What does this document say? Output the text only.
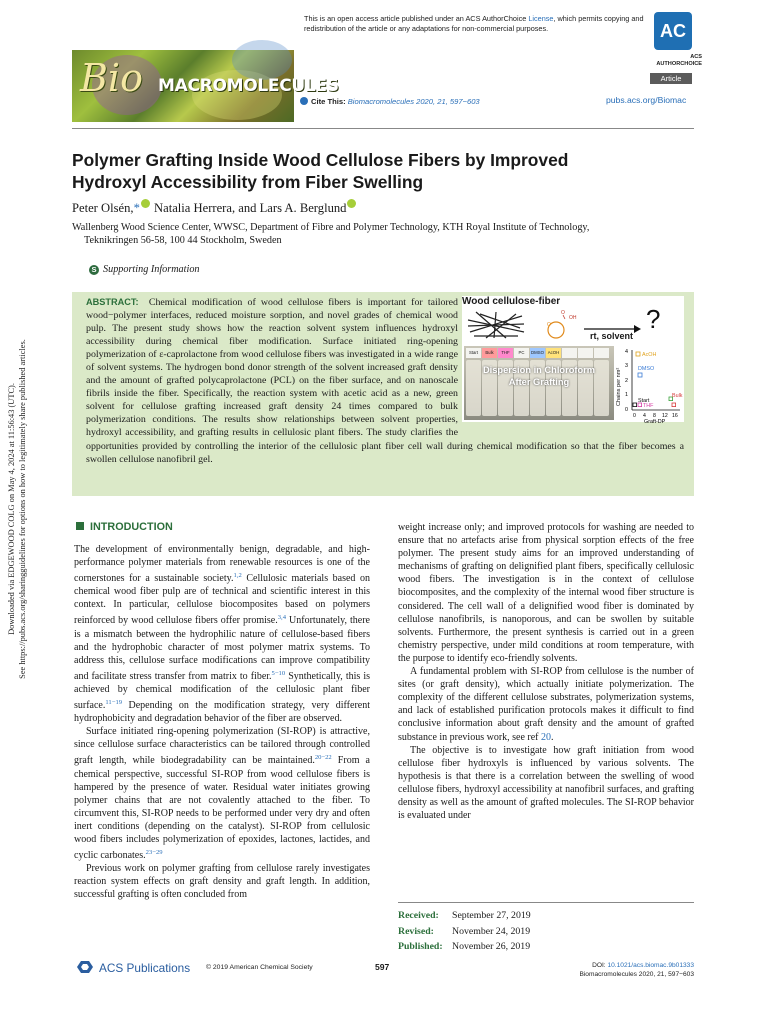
Downloaded via EDGEWOOD COLG on May 4, 2024 at 11:56:43 (UTC). See https://pubs.acs.org/sharingguidelines for options on how to legitimately share published articles.
This is an open access article published under an ACS AuthorChoice License, which permits copying and redistribution of the article or any adaptations for non-commercial purposes.	AC
ACS
AUTHORCHOICE
Article
Bio MACROMOLECULES
Cite This: Biomacromolecules 2020, 21, 597−603	pubs.acs.org/Biomac
Polymer Grafting Inside Wood Cellulose Fibers by Improved
Hydroxyl Accessibility from Fiber Swelling
Peter Olsén,* Natalia Herrera, and Lars A. Berglund
Wallenberg Wood Science Center, WWSC, Department of Fibre and Polymer Technology, KTH Royal Institute of Technology,
Teknikringen 56-58, 100 44 Stockholm, Sweden
S Supporting Information
ABSTRACT: Chemical modification of wood cellulose fibers is important for tailored wood−polymer interfaces, reduced moisture sorption, and novel grades of chemical wood pulp. The present study shows how the reaction solvent system influences hydroxyl accessibility during chemical fiber modification. Surface initiated ring-opening polymerization of ε-caprolactone from wood cellulose fibers was investigated in a wide range of solvent systems. The hydrogen bond donor strength of the solvent increased graft density and the amount of grafted polycaprolactone (PCL) on the fiber surface, and on nanoscale fibrils inside the fiber. Specifically, the reaction system with acetic acid as a new, green solvent for cellulose grafting increased graft density 24 times compared to bulk polymerization conditions. The results show relationships between solvent properties, hydroxyl accessibility, and grafting results in cellulosic plant fibers. The study clarifies the opportunities provided by controlling the interior of the cellulosic plant fiber cell wall during chemical modification so that the fiber becomes a swollen cellulose nanofibril gel.
Wood cellulose-fiber
O
OH
O
rt, solvent
?
Start	Bulk	THF	PC	DMSO AcOH
Dispersion in Chloroform
After Grafting	Chains per nm²
4
3
2
1
0
0 4 8 12 16
Graft-DP
AcOH
DMSO
Start
THF
Bulk
INTRODUCTION

The development of environmentally benign, degradable, and high-performance polymer materials from renewable resources is one of the cornerstones for a sustainable society.$^{1,2}$ Cellulosic materials based on chemical wood fiber pulp are of technical and scientific interest in this context. In particular, cellulose biocomposites based on polymers reinforced by wood cellulose fibers offer promise.$^{3,4}$ Unfortunately, there is a mismatch between the hydrophilic nature of cellulose-based fibers and the hydrophobic character of most polymer matrix systems. To address this, cellulose surface modifications can improve compatibility and facilitate stress transfer from matrix to fiber.$^{5-10}$ Synthetically, this is achieved by chemical modification of the cellulosic plant fiber surface.$^{11-19}$ Depending on the modification strategy, very different hydrophobicity and degradation behavior of the fiber are observed.

Surface initiated ring-opening polymerization (SI-ROP) is attractive, since cellulose surface characteristics can be tailored through controlled graft length, while biodegradability can be maintained.$^{20-22}$ From a chemical perspective, successful SI-ROP from wood cellulose fibers is hampered by the presence of water. Residual water initiates growing polymer chains that are not covalently attached to the fiber. To circumvent this, SI-ROP needs to be performed under very dry and often inert conditions (depending on the catalyst). SI-ROP from cellulosic wood fibers includes polymerization of epoxides, lactones, lactides, and cyclic carbonates.$^{23-29}$

Previous work on polymer grafting from cellulose rarely investigates reaction system effects on graft density and graft length. In addition, successful grafting is often concluded from

weight increase only; and improved protocols for washing are needed to ensure that no artefacts arise from physical sorption effects of the free polymer. The present study aims for an improved understanding of mechanisms of grafting on delignified plant fibers, specifically cellulosic wood fibers. The investigation is in the context of cellulose biocomposites, and the complexity of the internal wood fiber structure is considered. The cell wall of a delignified wood fiber is dominated by cellulose nanofibrils, is nanoporous, and can be swollen by suitable solvents. Furthermore, the present synthesis is carried out in a green chemistry perspective, under mild conditions at room temperature, with the purpose to identify eco-friendly solvents.

A fundamental problem with SI-ROP from cellulose is the number of sites (or graft density), which actually initiate polymerization. The complexity of the different cellulose substrates, polymerization systems, and lack of established purification protocols makes it difficult to find conclusive information about graft density and the amount of grafted substance in previous work, see ref 20.

The objective is to investigate how graft initiation from wood cellulose fiber hydroxyls is influenced by various solvents. The hypothesis is that there is a correlation between the swelling of wood cellulose fibers, hydroxyl accessibility at nanofibril surfaces, and grafting density as well as the amount of grafted molecules. The SI-ROP behavior is evaluated under

Received: September 27, 2019
Revised: November 24, 2019
Published: November 26, 2019
ACS Publications © 2019 American Chemical Society	597	DOI: 10.1021/acs.biomac.9b01333
Biomacromolecules 2020, 21, 597−603
